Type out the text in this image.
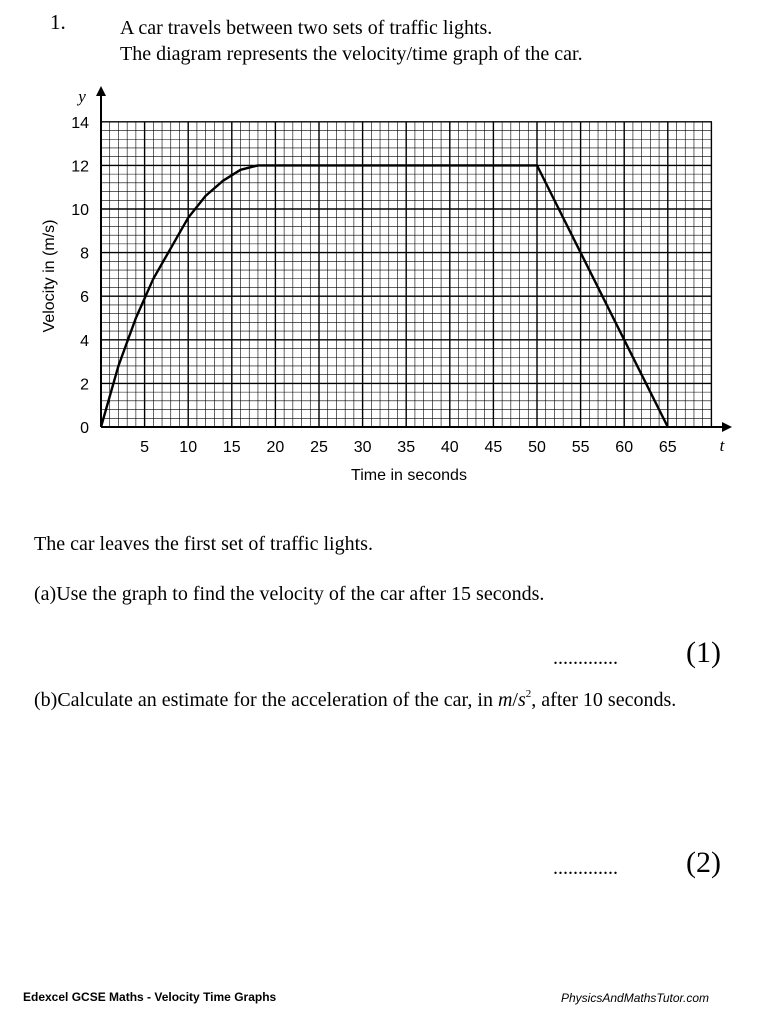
1.	A car travels between two sets of traffic lights.
The diagram represents the velocity/time graph of the car.
5 10 15 20 25 30 35 40 45 50 55 60 65
0
2
4
6
8
10
12
14
Time in seconds
Velocity in (m/s)
t
y
The car leaves the first set of traffic lights.
(a)Use the graph to find the velocity of the car after 15 seconds.
............. (1)
(b)Calculate an estimate for the acceleration of the car, in $m/s^2$, after 10 seconds.
............. (2)
Edexcel GCSE Maths - Velocity Time Graphs	PhysicsAndMathsTutor.com
